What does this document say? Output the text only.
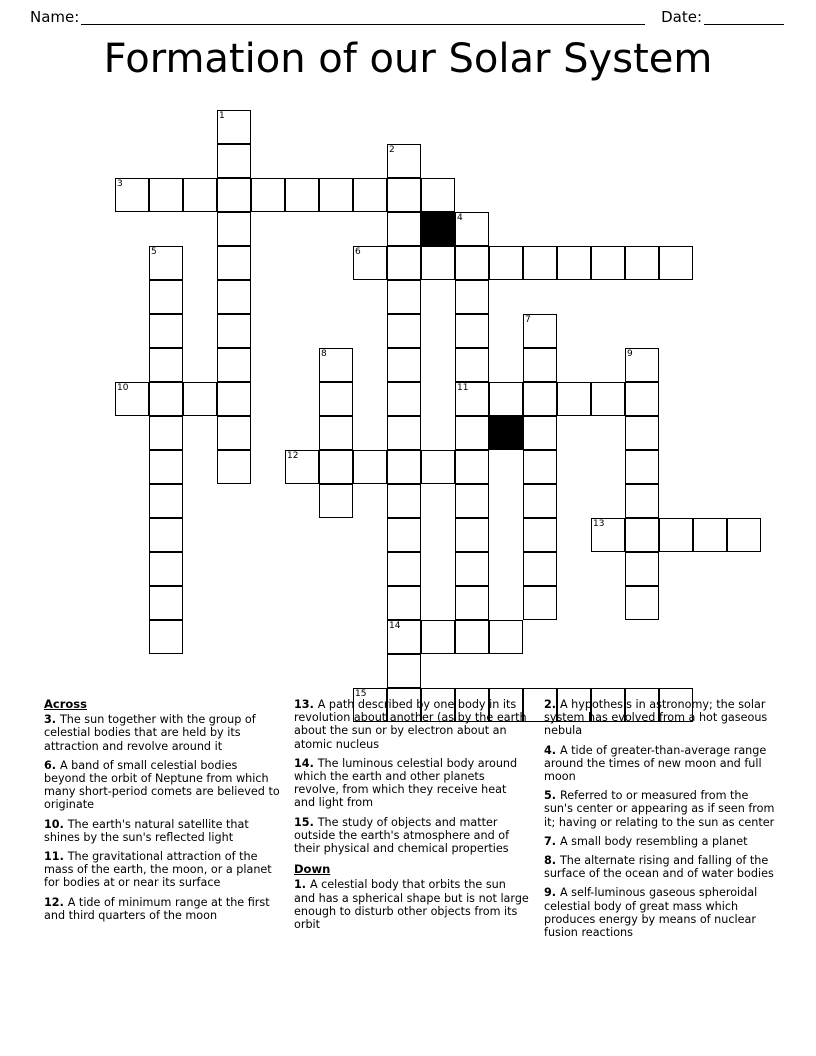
Name:	Date:
Formation of our Solar System
1
2
3
4
5	6
7
8	9
10	11
12
13
14
15
Across
3. The sun together with the group of celestial bodies that are held by its attraction and revolve around it
6. A band of small celestial bodies beyond the orbit of Neptune from which many short-period comets are believed to originate
10. The earth's natural satellite that shines by the sun's reflected light
11. The gravitational attraction of the mass of the earth, the moon, or a planet for bodies at or near its surface
12. A tide of minimum range at the first and third quarters of the moon
13. A path described by one body in its revolution about another (as by the earth about the sun or by electron about an atomic nucleus
14. The luminous celestial body around which the earth and other planets revolve, from which they receive heat and light from
15. The study of objects and matter outside the earth's atmosphere and of their physical and chemical properties
Down
1. A celestial body that orbits the sun and has a spherical shape but is not large enough to disturb other objects from its orbit
2. A hypothesis in astronomy; the solar system has evolved from a hot gaseous nebula
4. A tide of greater-than-average range around the times of new moon and full moon
5. Referred to or measured from the sun's center or appearing as if seen from it; having or relating to the sun as center
7. A small body resembling a planet
8. The alternate rising and falling of the surface of the ocean and of water bodies
9. A self-luminous gaseous spheroidal celestial body of great mass which produces energy by means of nuclear fusion reactions
